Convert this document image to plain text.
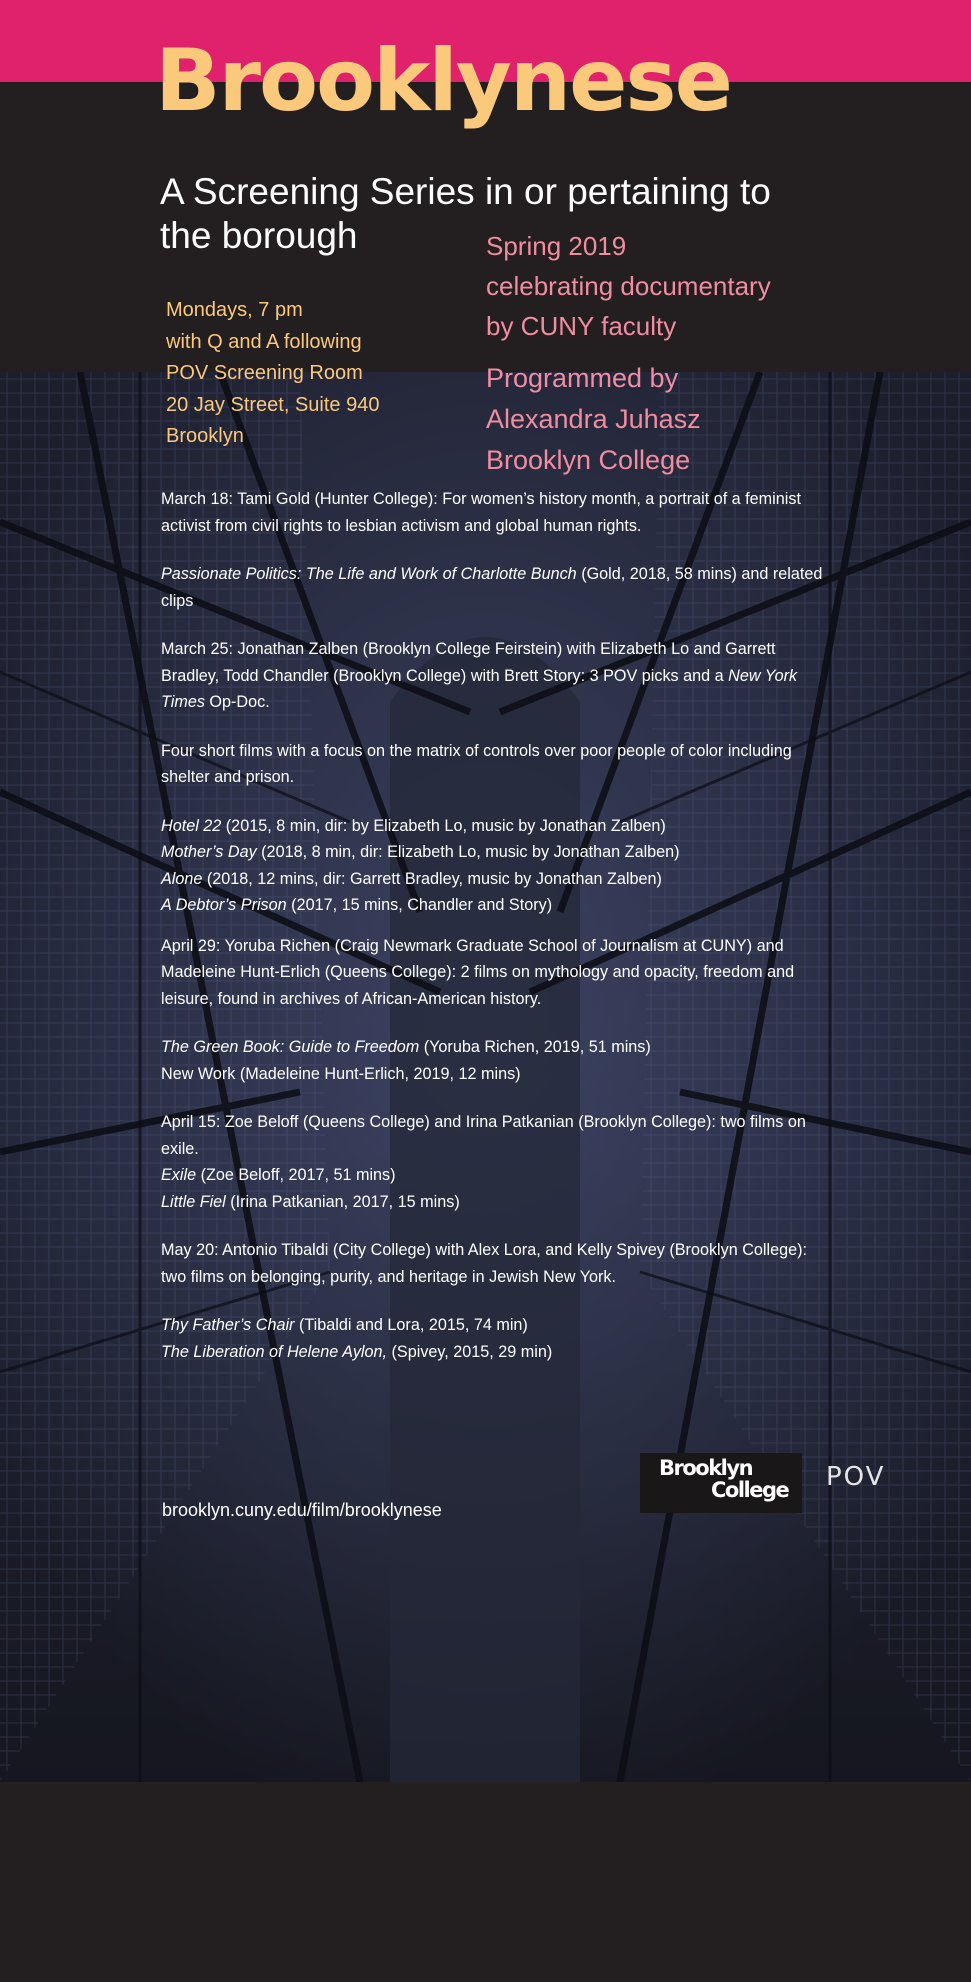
Brooklynese
A Screening Series in or pertaining to the borough	Spring 2019
celebrating documentary
by CUNY faculty
Programmed by
Alexandra Juhasz
Brooklyn College
Mondays, 7 pm
with Q and A following
POV Screening Room
20 Jay Street, Suite 940
Brooklyn

March 18: Tami Gold (Hunter College): For women’s history month, a portrait of a feminist activist from civil rights to lesbian activism and global human rights.

Passionate Politics: The Life and Work of Charlotte Bunch (Gold, 2018, 58 mins) and related clips

March 25: Jonathan Zalben (Brooklyn College Feirstein) with Elizabeth Lo and Garrett Bradley, Todd Chandler (Brooklyn College) with Brett Story: 3 POV picks and a New York Times Op-Doc.

Four short films with a focus on the matrix of controls over poor people of color including shelter and prison.

Hotel 22 (2015, 8 min, dir: by Elizabeth Lo, music by Jonathan Zalben)

Mother’s Day (2018, 8 min, dir: Elizabeth Lo, music by Jonathan Zalben)

Alone (2018, 12 mins, dir: Garrett Bradley, music by Jonathan Zalben)

A Debtor’s Prison (2017, 15 mins, Chandler and Story)

April 29: Yoruba Richen (Craig Newmark Graduate School of Journalism at CUNY) and Madeleine Hunt-Erlich (Queens College): 2 films on mythology and opacity, freedom and leisure, found in archives of African-American history.

The Green Book: Guide to Freedom (Yoruba Richen, 2019, 51 mins)

New Work (Madeleine Hunt-Erlich, 2019, 12 mins)

April 15: Zoe Beloff (Queens College) and Irina Patkanian (Brooklyn College): two films on exile.

Exile (Zoe Beloff, 2017, 51 mins)

Little Fiel (Irina Patkanian, 2017, 15 mins)

May 20: Antonio Tibaldi (City College) with Alex Lora, and Kelly Spivey (Brooklyn College): two films on belonging, purity, and heritage in Jewish New York.

Thy Father’s Chair (Tibaldi and Lora, 2015, 74 min)

The Liberation of Helene Aylon, (Spivey, 2015, 29 min)

brooklyn.cuny.edu/film/brooklynese
Brooklyn
College POV
